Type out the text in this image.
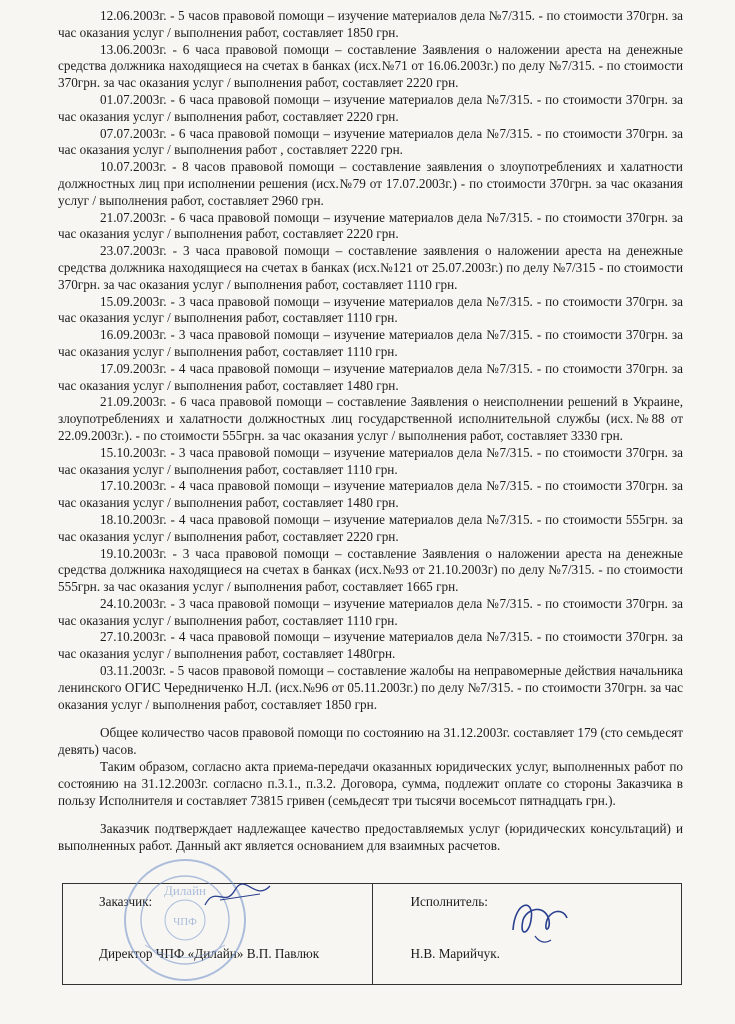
12.06.2003г. - 5 часов правовой помощи – изучение материалов дела №7/315. - по стоимости 370грн. за час оказания услуг / выполнения работ, составляет 1850 грн.

13.06.2003г. - 6 часа правовой помощи – составление Заявления о наложении ареста на денежные средства должника находящиеся на счетах в банках (исх.№71 от 16.06.2003г.) по делу №7/315. - по стоимости 370грн. за час оказания услуг / выполнения работ, составляет 2220 грн.

01.07.2003г. - 6 часа правовой помощи – изучение материалов дела №7/315. - по стоимости 370грн. за час оказания услуг / выполнения работ, составляет 2220 грн.

07.07.2003г. - 6 часа правовой помощи – изучение материалов дела №7/315. - по стоимости 370грн. за час оказания услуг / выполнения работ , составляет 2220 грн.

10.07.2003г. - 8 часов правовой помощи – составление заявления о злоупотреблениях и халатности должностных лиц при исполнении решения (исх.№79 от 17.07.2003г.) - по стоимости 370грн. за час оказания услуг / выполнения работ, составляет 2960 грн.

21.07.2003г. - 6 часа правовой помощи – изучение материалов дела №7/315. - по стоимости 370грн. за час оказания услуг / выполнения работ, составляет 2220 грн.

23.07.2003г. - 3 часа правовой помощи – составление заявления о наложении ареста на денежные средства должника находящиеся на счетах в банках (исх.№121 от 25.07.2003г.) по делу №7/315 - по стоимости 370грн. за час оказания услуг / выполнения работ, составляет 1110 грн.

15.09.2003г. - 3 часа правовой помощи – изучение материалов дела №7/315. - по стоимости 370грн. за час оказания услуг / выполнения работ, составляет 1110 грн.

16.09.2003г. - 3 часа правовой помощи – изучение материалов дела №7/315. - по стоимости 370грн. за час оказания услуг / выполнения работ, составляет 1110 грн.

17.09.2003г. - 4 часа правовой помощи – изучение материалов дела №7/315. - по стоимости 370грн. за час оказания услуг / выполнения работ, составляет 1480 грн.

21.09.2003г. - 6 часа правовой помощи – составление Заявления о неисполнении решений в Украине, злоупотреблениях и халатности должностных лиц государственной исполнительной службы (исх.№88 от 22.09.2003г.). - по стоимости 555грн. за час оказания услуг / выполнения работ, составляет 3330 грн.

15.10.2003г. - 3 часа правовой помощи – изучение материалов дела №7/315. - по стоимости 370грн. за час оказания услуг / выполнения работ, составляет 1110 грн.

17.10.2003г. - 4 часа правовой помощи – изучение материалов дела №7/315. - по стоимости 370грн. за час оказания услуг / выполнения работ, составляет 1480 грн.

18.10.2003г. - 4 часа правовой помощи – изучение материалов дела №7/315. - по стоимости 555грн. за час оказания услуг / выполнения работ, составляет 2220 грн.

19.10.2003г. - 3 часа правовой помощи – составление Заявления о наложении ареста на денежные средства должника находящиеся на счетах в банках (исх.№93 от 21.10.2003г) по делу №7/315. - по стоимости 555грн. за час оказания услуг / выполнения работ, составляет 1665 грн.

24.10.2003г. - 3 часа правовой помощи – изучение материалов дела №7/315. - по стоимости 370грн. за час оказания услуг / выполнения работ, составляет 1110 грн.

27.10.2003г. - 4 часа правовой помощи – изучение материалов дела №7/315. - по стоимости 370грн. за час оказания услуг / выполнения работ, составляет 1480грн.

03.11.2003г. - 5 часов правовой помощи – составление жалобы на неправомерные действия начальника ленинского ОГИС Чередниченко Н.Л. (исх.№96 от 05.11.2003г.) по делу №7/315. - по стоимости 370грн. за час оказания услуг / выполнения работ, составляет 1850 грн.

Общее количество часов правовой помощи по состоянию на 31.12.2003г. составляет 179 (сто семьдесят девять) часов.

Таким образом, согласно акта приема-передачи оказанных юридических услуг, выполненных работ по состоянию на 31.12.2003г. согласно п.3.1., п.3.2. Договора, сумма, подлежит оплате со стороны Заказчика в пользу Исполнителя и составляет 73815 гривен (семьдесят три тысячи восемьсот пятнадцать грн.).

Заказчик подтверждает надлежащее качество предоставляемых услуг (юридических консультаций) и выполненных работ. Данный акт является основанием для взаимных расчетов.

Заказчик:
Директор ЧПФ «Дилайн» В.П. Павлюк

Исполнитель:
Н.В. Марийчук.
Дилайн
ЧПФ
